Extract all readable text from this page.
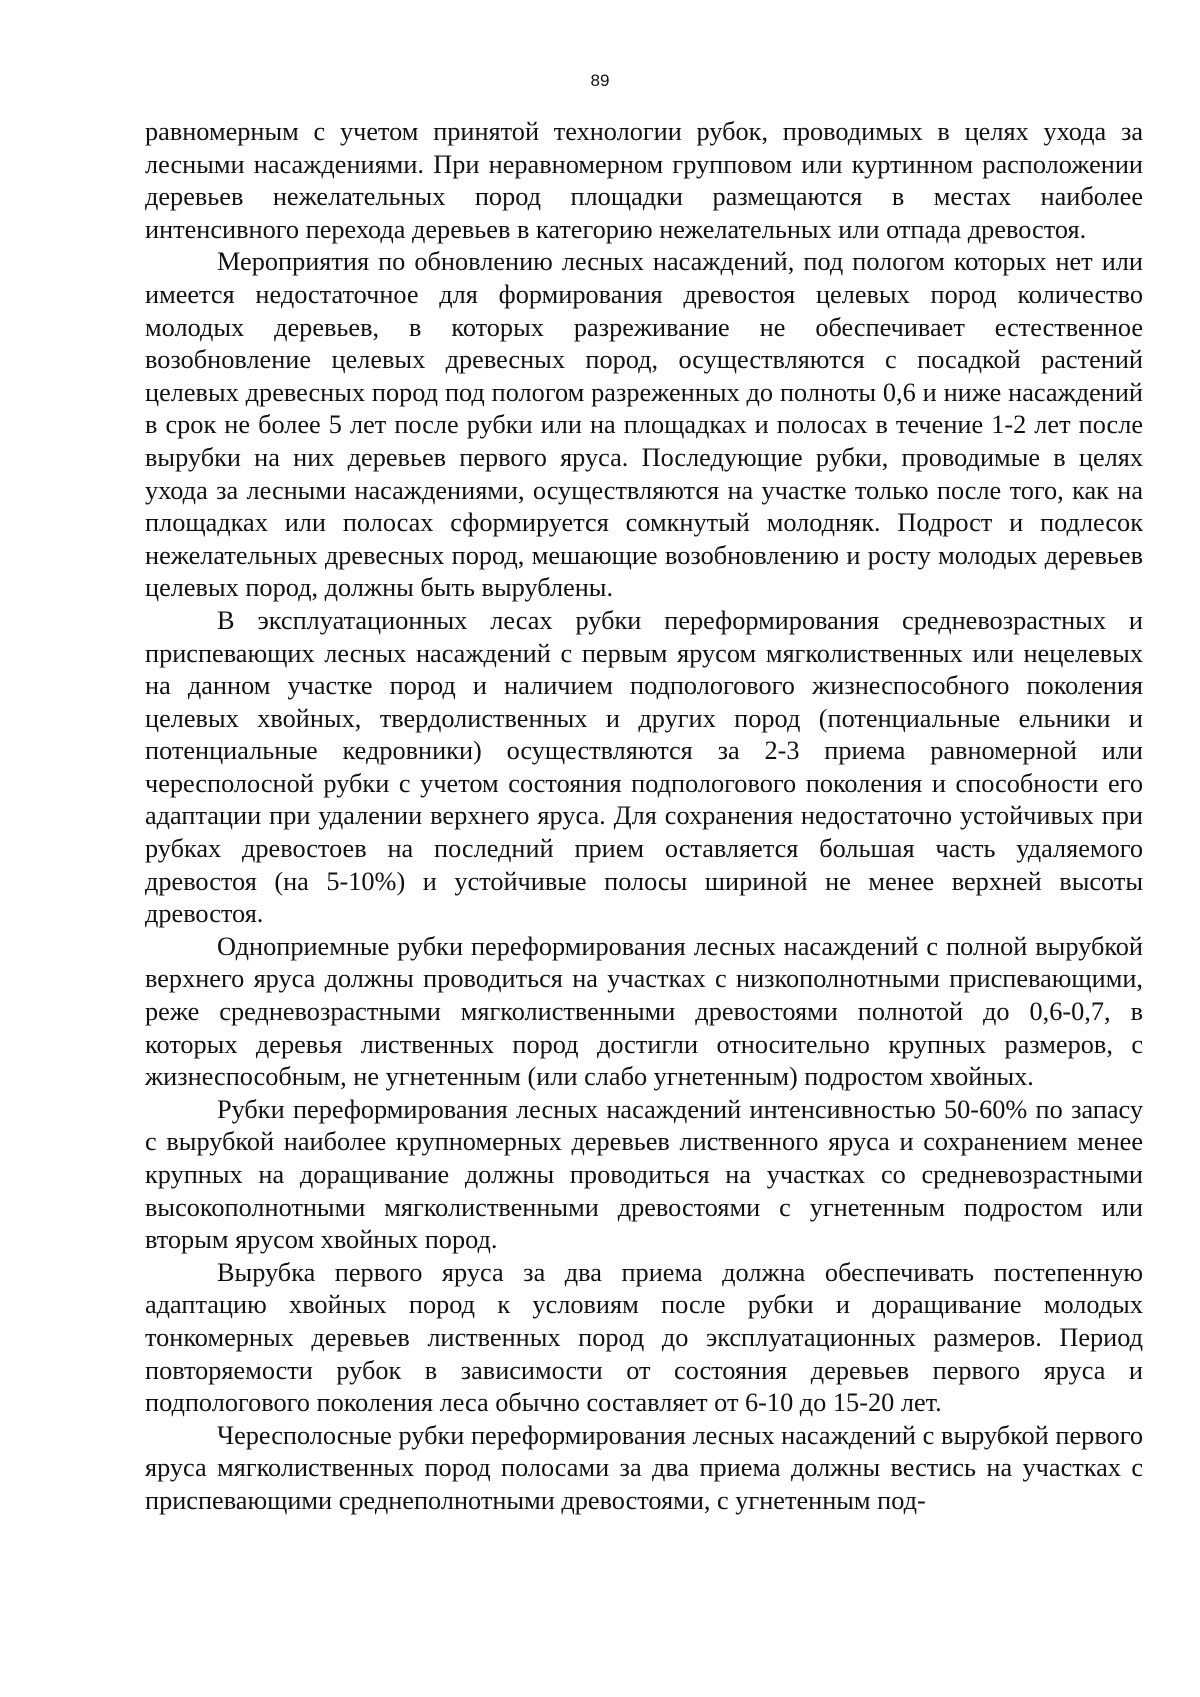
89

равномерным с учетом принятой технологии рубок, проводимых в целях ухода за лесными насаждениями. При неравномерном групповом или куртинном расположении деревьев нежелательных пород площадки размещаются в местах наиболее интенсивного перехода деревьев в категорию нежелательных или отпада древостоя.

Мероприятия по обновлению лесных насаждений, под пологом которых нет или имеется недостаточное для формирования древостоя целевых пород количество молодых деревьев, в которых разреживание не обеспечивает естественное возобновление целевых древесных пород, осуществляются с посадкой растений целевых древесных пород под пологом разреженных до полноты 0,6 и ниже насаждений в срок не более 5 лет после рубки или на площадках и полосах в течение 1-2 лет после вырубки на них деревьев первого яруса. Последующие рубки, проводимые в целях ухода за лесными насаждениями, осуществляются на участке только после того, как на площадках или полосах сформируется сомкнутый молодняк. Подрост и подлесок нежелательных древесных пород, мешающие возобновлению и росту молодых деревьев целевых пород, должны быть вырублены.

В эксплуатационных лесах рубки переформирования средневозрастных и приспевающих лесных насаждений с первым ярусом мягколиственных или нецелевых на данном участке пород и наличием подпологового жизнеспособного поколения целевых хвойных, твердолиственных и других пород (потенциальные ельники и потенциальные кедровники) осуществляются за 2-3 приема равномерной или чересполосной рубки с учетом состояния подпологового поколения и способности его адаптации при удалении верхнего яруса. Для сохранения недостаточно устойчивых при рубках древостоев на последний прием оставляется большая часть удаляемого древостоя (на 5-10%) и устойчивые полосы шириной не менее верхней высоты древостоя.

Одноприемные рубки переформирования лесных насаждений с полной вырубкой верхнего яруса должны проводиться на участках с низкополнотными приспевающими, реже средневозрастными мягколиственными древостоями полнотой до 0,6-0,7, в которых деревья лиственных пород достигли относительно крупных размеров, с жизнеспособным, не угнетенным (или слабо угнетенным) подростом хвойных.

Рубки переформирования лесных насаждений интенсивностью 50-60% по запасу с вырубкой наиболее крупномерных деревьев лиственного яруса и сохранением менее крупных на доращивание должны проводиться на участках со средневозрастными высокополнотными мягколиственными древостоями с угнетенным подростом или вторым ярусом хвойных пород.

Вырубка первого яруса за два приема должна обеспечивать постепенную адаптацию хвойных пород к условиям после рубки и доращивание молодых тонкомерных деревьев лиственных пород до эксплуатационных размеров. Период повторяемости рубок в зависимости от состояния деревьев первого яруса и подпологового поколения леса обычно составляет от 6-10 до 15-20 лет.

Чересполосные рубки переформирования лесных насаждений с вырубкой первого яруса мягколиственных пород полосами за два приема должны вестись на участках с приспевающими среднеполнотными древостоями, с угнетенным под-
